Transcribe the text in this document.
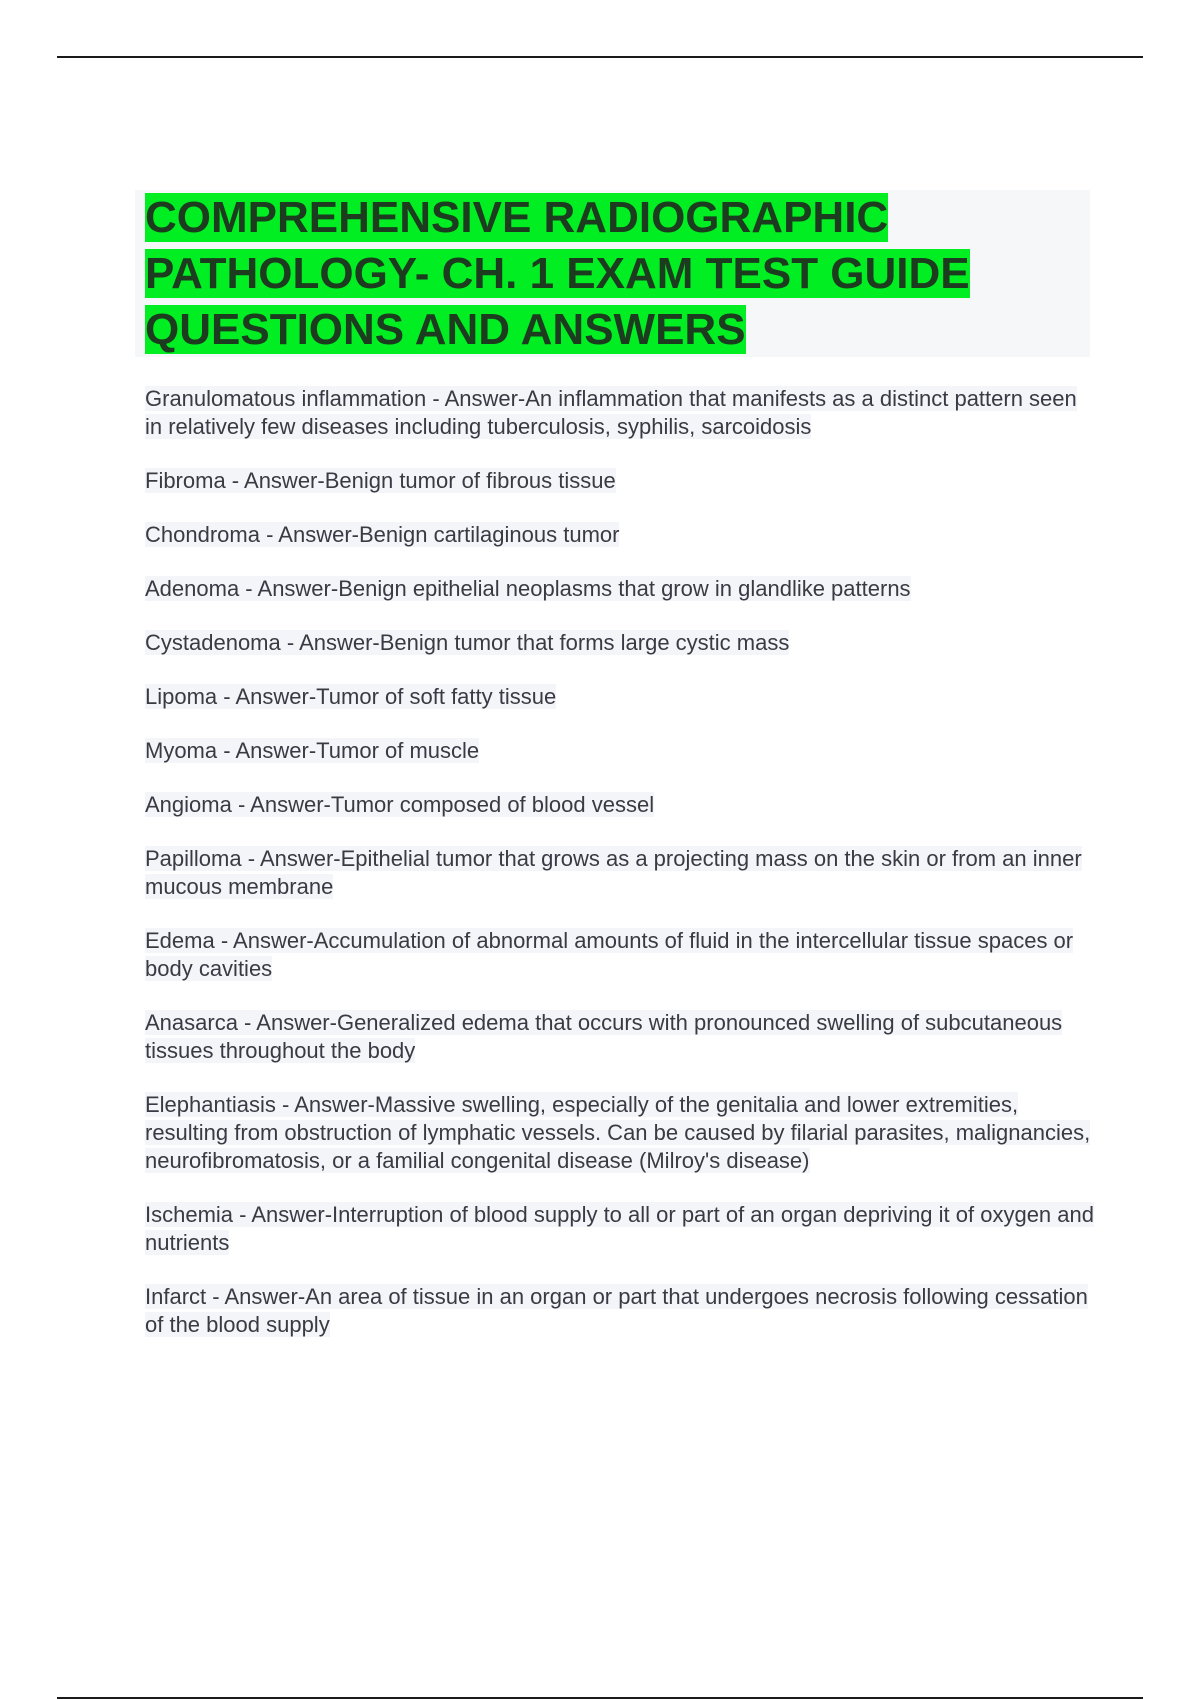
COMPREHENSIVE RADIOGRAPHIC PATHOLOGY- CH. 1 EXAM TEST GUIDE QUESTIONS AND ANSWERS

Granulomatous inflammation - Answer-An inflammation that manifests as a distinct pattern seen in relatively few diseases including tuberculosis, syphilis, sarcoidosis

Fibroma - Answer-Benign tumor of fibrous tissue

Chondroma - Answer-Benign cartilaginous tumor

Adenoma - Answer-Benign epithelial neoplasms that grow in glandlike patterns

Cystadenoma - Answer-Benign tumor that forms large cystic mass

Lipoma - Answer-Tumor of soft fatty tissue

Myoma - Answer-Tumor of muscle

Angioma - Answer-Tumor composed of blood vessel

Papilloma - Answer-Epithelial tumor that grows as a projecting mass on the skin or from an inner mucous membrane

Edema - Answer-Accumulation of abnormal amounts of fluid in the intercellular tissue spaces or body cavities

Anasarca - Answer-Generalized edema that occurs with pronounced swelling of subcutaneous tissues throughout the body

Elephantiasis - Answer-Massive swelling, especially of the genitalia and lower extremities, resulting from obstruction of lymphatic vessels. Can be caused by filarial parasites, malignancies, neurofibromatosis, or a familial congenital disease (Milroy's disease)

Ischemia - Answer-Interruption of blood supply to all or part of an organ depriving it of oxygen and nutrients

Infarct - Answer-An area of tissue in an organ or part that undergoes necrosis following cessation of the blood supply
